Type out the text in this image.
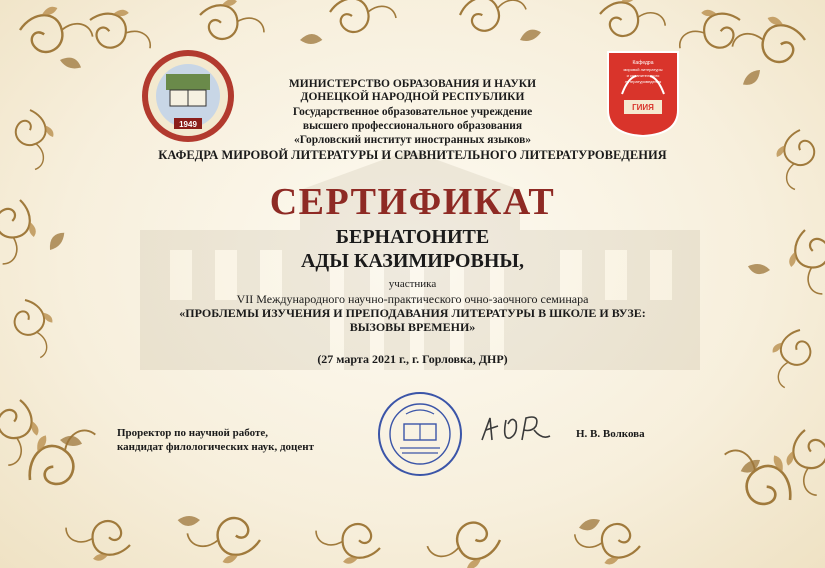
1949
ГИИЯ
Кафедра
мировой литературы
и сравнительного
литературоведения
МИНИСТЕРСТВО ОБРАЗОВАНИЯ И НАУКИ
ДОНЕЦКОЙ НАРОДНОЙ РЕСПУБЛИКИ
Государственное образовательное учреждение
высшего профессионального образования
«Горловский институт иностранных языков»
КАФЕДРА МИРОВОЙ ЛИТЕРАТУРЫ И СРАВНИТЕЛЬНОГО ЛИТЕРАТУРОВЕДЕНИЯ
СЕРТИФИКАТ
БЕРНАТОНИТЕ
АДЫ КАЗИМИРОВНЫ,
участника
VII Международного научно-практического очно-заочного семинара
«ПРОБЛЕМЫ ИЗУЧЕНИЯ И ПРЕПОДАВАНИЯ ЛИТЕРАТУРЫ В ШКОЛЕ И ВУЗЕ:
ВЫЗОВЫ ВРЕМЕНИ»
(27 марта 2021 г., г. Горловка, ДНР)
Проректор по научной работе,
кандидат филологических наук, доцент
Н. В. Волкова
